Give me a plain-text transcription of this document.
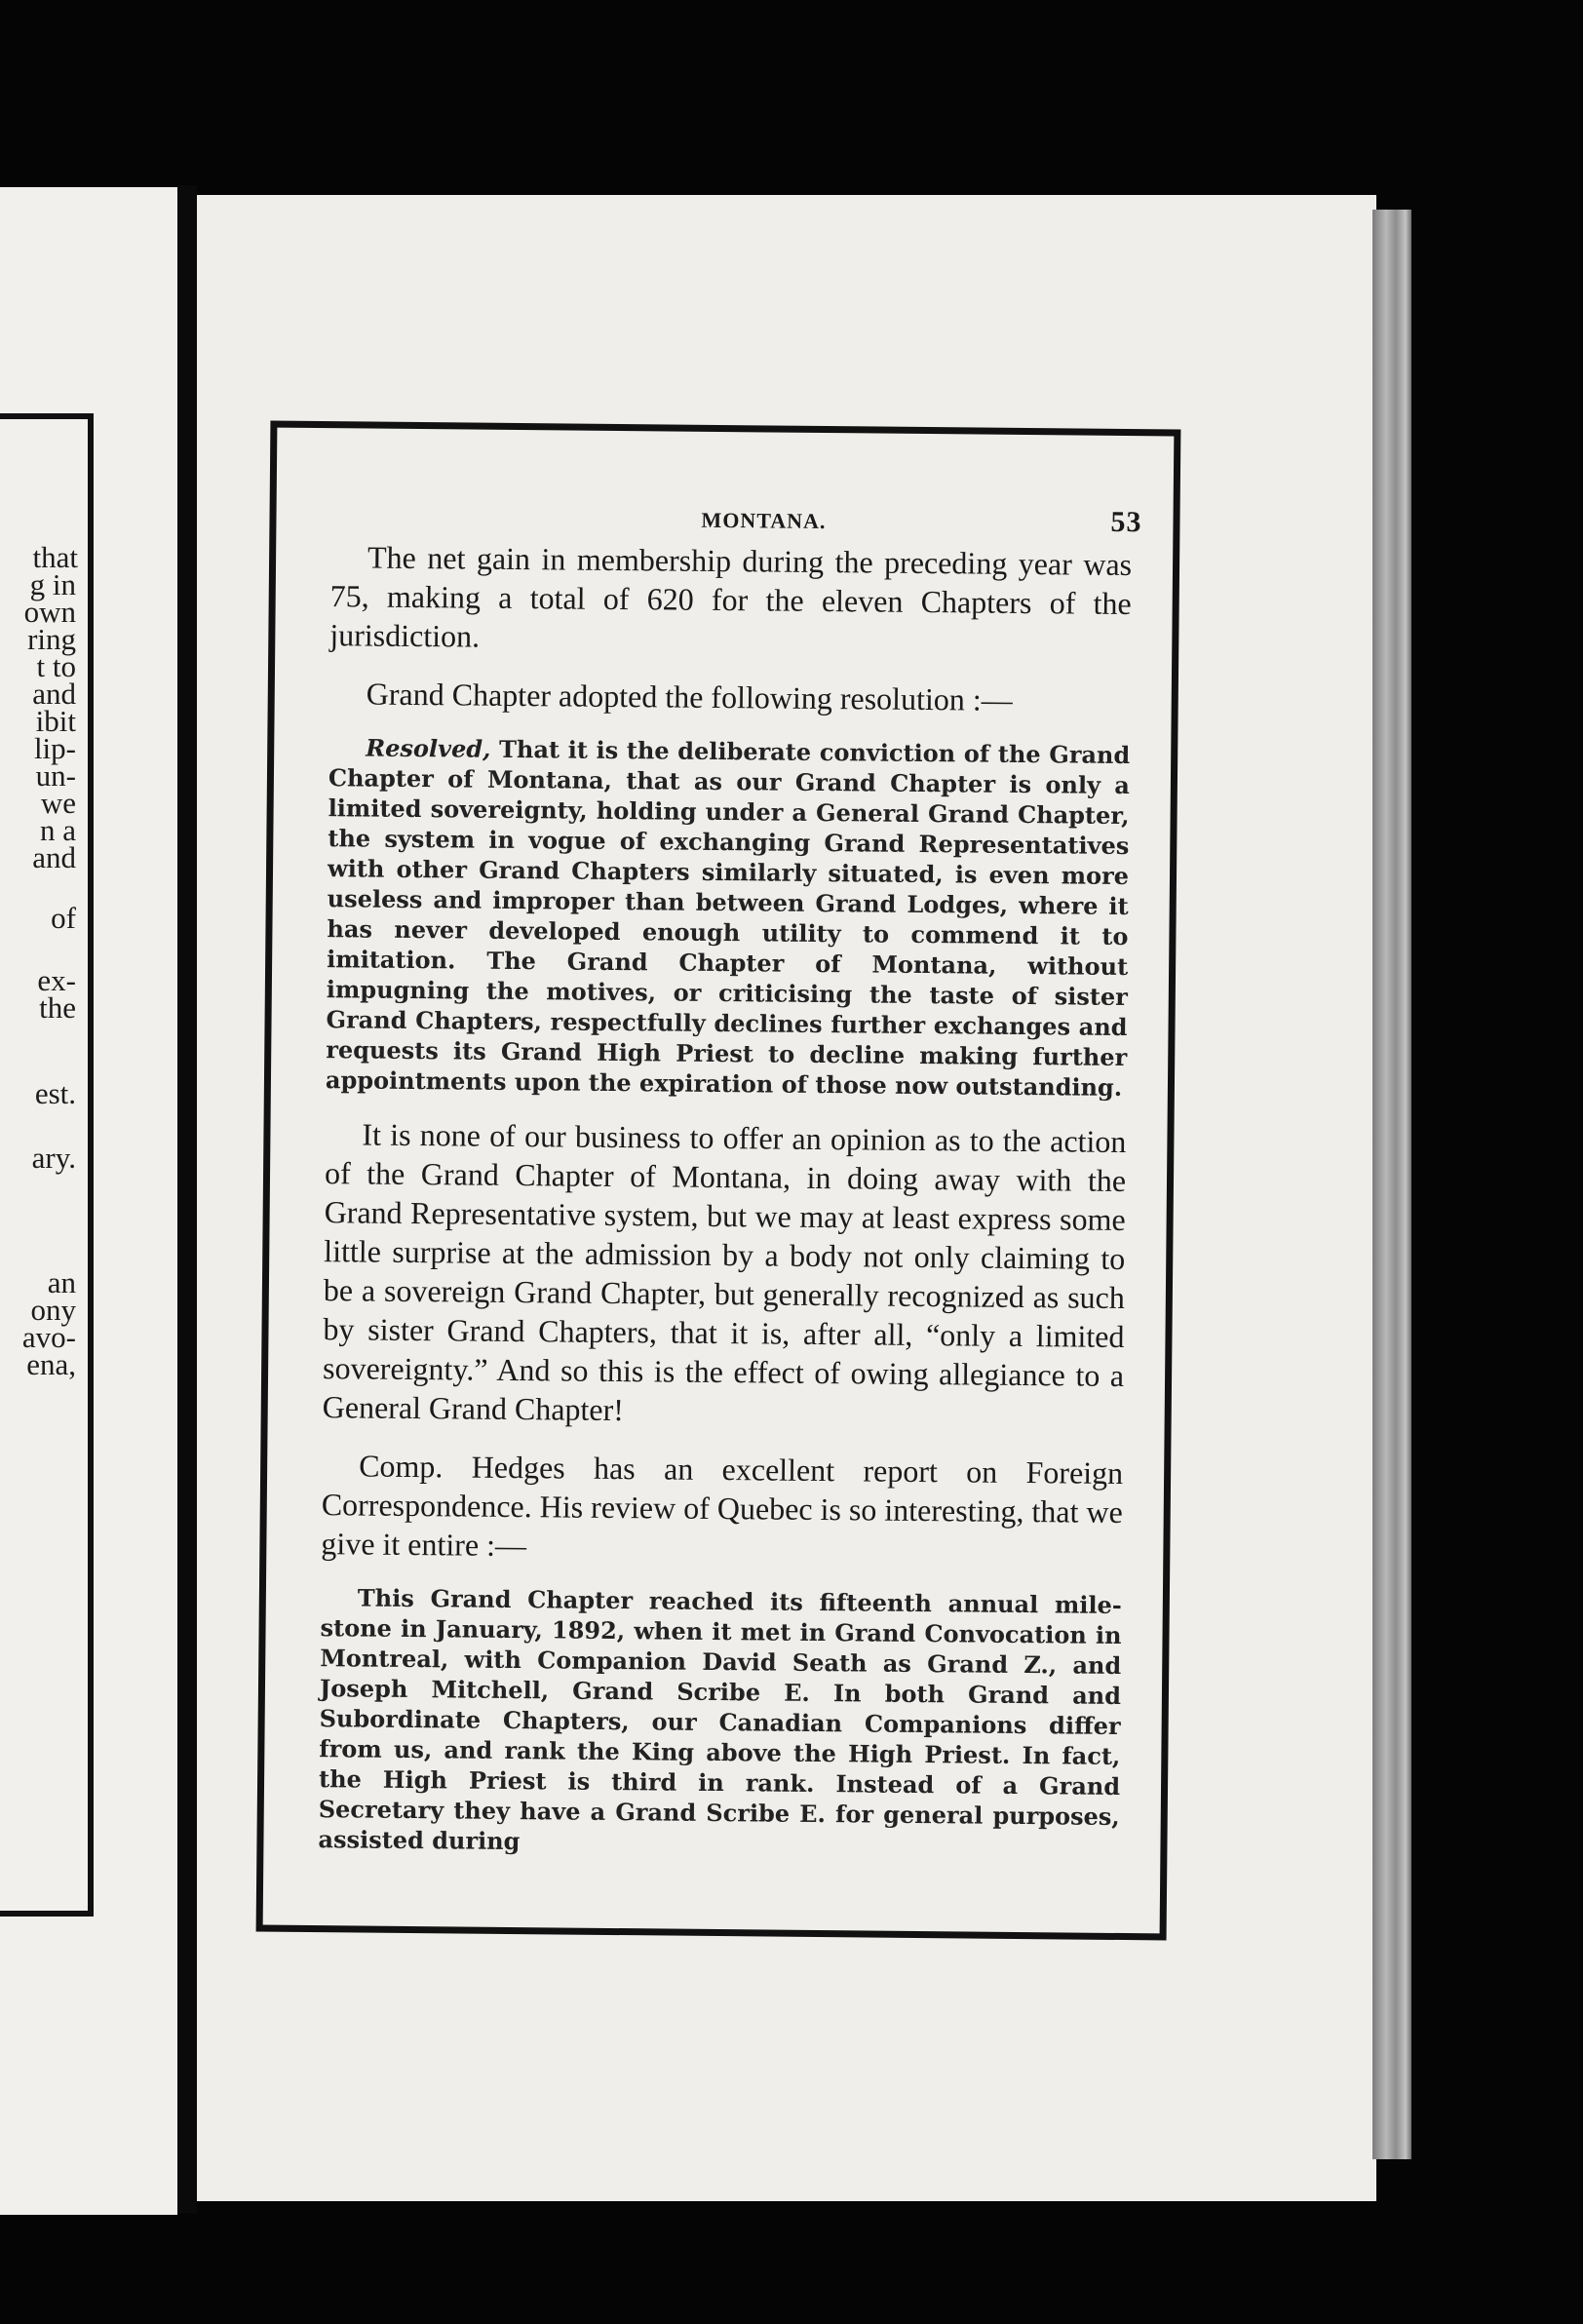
that
g in
own
ring
t to
and
ibit
lip-
un-
we
n a
and
of
ex-
the
est.
ary.
an
ony
avo-
ena,
MONTANA.	53

The net gain in membership during the preceding year was 75, making a total of 620 for the eleven Chapters of the jurisdiction.

Grand Chapter adopted the following resolution :—

Resolved, That it is the deliberate conviction of the Grand Chapter of Montana, that as our Grand Chapter is only a limited sovereignty, holding under a General Grand Chapter, the system in vogue of exchanging Grand Representatives with other Grand Chapters similarly situated, is even more useless and improper than between Grand Lodges, where it has never developed enough utility to commend it to imitation. The Grand Chapter of Montana, without impugning the motives, or criticising the taste of sister Grand Chapters, respectfully declines further exchanges and requests its Grand High Priest to decline making further appointments upon the expiration of those now outstanding.

It is none of our business to offer an opinion as to the action of the Grand Chapter of Montana, in doing away with the Grand Representative system, but we may at least express some little surprise at the admission by a body not only claiming to be a sovereign Grand Chapter, but generally recognized as such by sister Grand Chapters, that it is, after all, “only a limited sovereignty.” And so this is the effect of owing allegiance to a General Grand Chapter!

Comp. Hedges has an excellent report on Foreign Correspondence. His review of Quebec is so interesting, that we give it entire :—

This Grand Chapter reached its fifteenth annual mile-stone in January, 1892, when it met in Grand Convocation in Montreal, with Companion David Seath as Grand Z., and Joseph Mitchell, Grand Scribe E. In both Grand and Subordinate Chapters, our Canadian Companions differ from us, and rank the King above the High Priest. In fact, the High Priest is third in rank. Instead of a Grand Secretary they have a Grand Scribe E. for general purposes, assisted during
